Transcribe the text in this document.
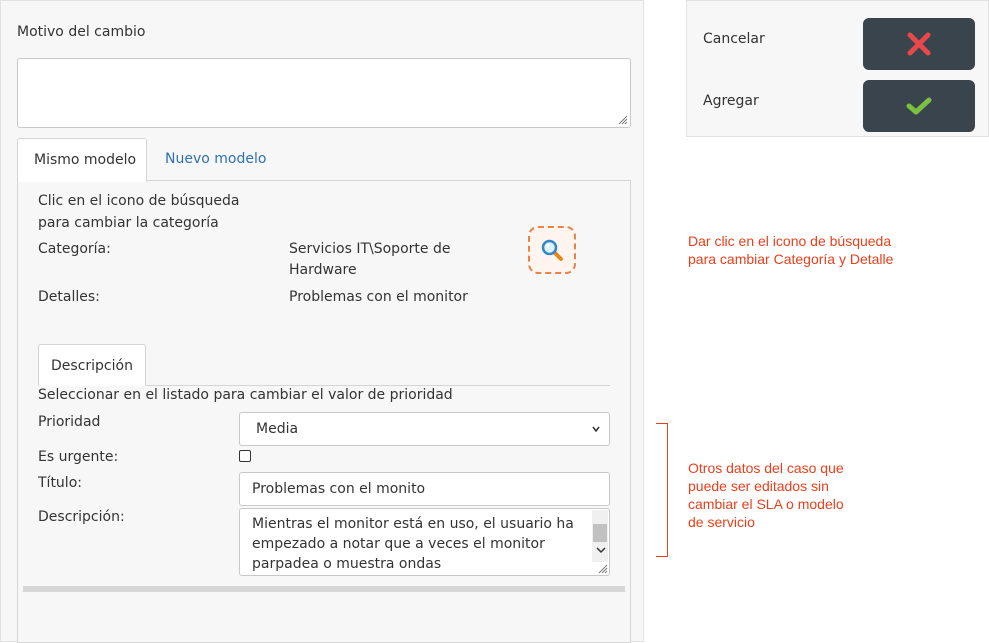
Motivo del cambio
Mismo modelo	Nuevo modelo
Clic en el icono de búsqueda
para cambiar la categoría
Categoría:	Servicios IT\Soporte de
Hardware
Detalles:	Problemas con el monitor
Descripción
Seleccionar en el listado para cambiar el valor de prioridad
Prioridad	Media
Es urgente:
Título:	Problemas con el monito
Descripción:	Mientras el monitor está en uso, el usuario ha empezado a notar que a veces el monitor parpadea o muestra ondas
Cancelar
Agregar
Dar clic en el icono de búsqueda
para cambiar Categoría y Detalle
Otros datos del caso que
puede ser editados sin
cambiar el SLA o modelo
de servicio
